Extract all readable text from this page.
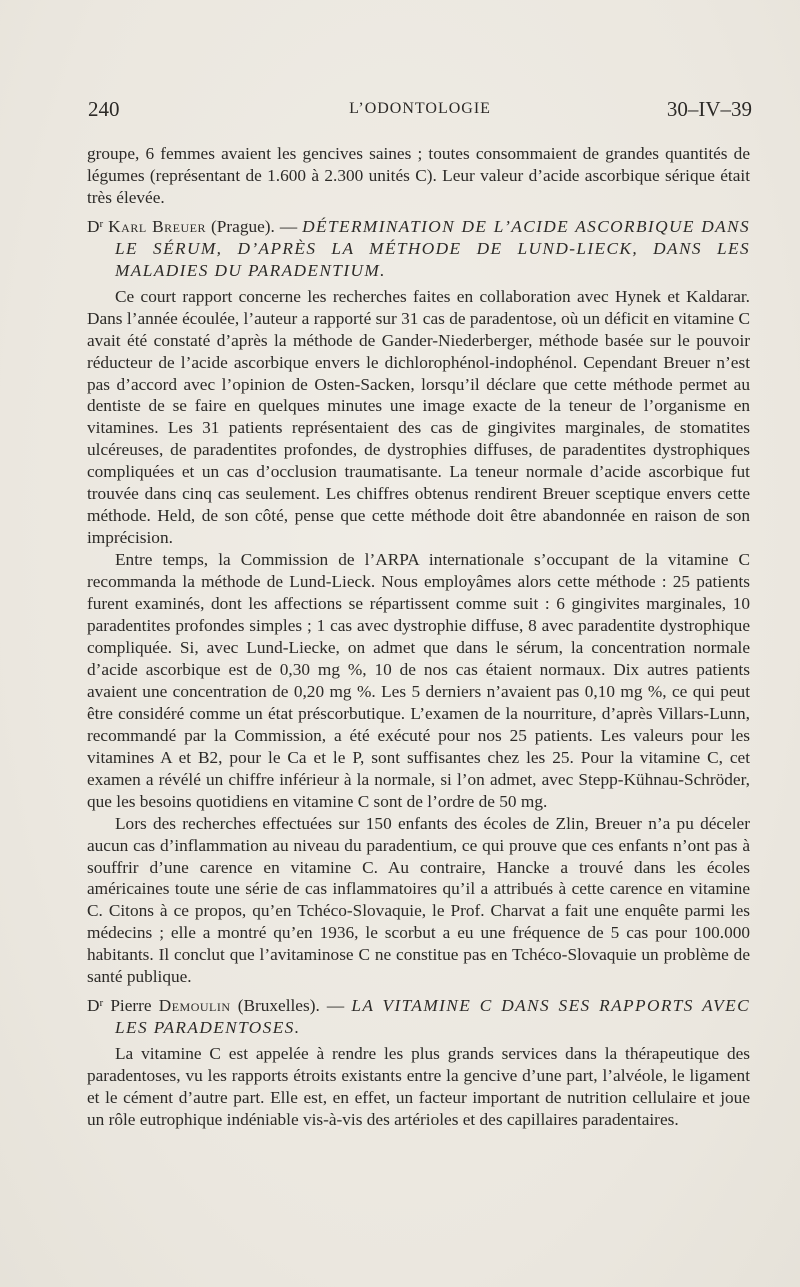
240	L’ODONTOLOGIE	30–IV–39

groupe, 6 femmes avaient les gencives saines ; toutes consommaient de grandes quantités de légumes (représentant de 1.600 à 2.300 unités C). Leur valeur d’acide ascorbique sérique était très élevée.

$D^r$ Karl Breuer (Prague). — DÉTERMINATION DE L’ACIDE ASCORBIQUE DANS LE SÉRUM, D’APRÈS LA MÉTHODE DE LUND-LIECK, DANS LES MALADIES DU PARADENTIUM.

Ce court rapport concerne les recherches faites en collaboration avec Hynek et Kaldarar. Dans l’année écoulée, l’auteur a rapporté sur 31 cas de paradentose, où un déficit en vitamine C avait été constaté d’après la méthode de Gander-Niederberger, méthode basée sur le pouvoir réducteur de l’acide ascorbique envers le dichlorophénol-indophénol. Cependant Breuer n’est pas d’accord avec l’opinion de Osten-Sacken, lorsqu’il déclare que cette méthode permet au dentiste de se faire en quelques minutes une image exacte de la teneur de l’organisme en vitamines. Les 31 patients représentaient des cas de gingivites marginales, de stomatites ulcéreuses, de paradentites profondes, de dystrophies diffuses, de paradentites dystrophiques compliquées et un cas d’occlusion traumatisante. La teneur normale d’acide ascorbique fut trouvée dans cinq cas seulement. Les chiffres obtenus rendirent Breuer sceptique envers cette méthode. Held, de son côté, pense que cette méthode doit être abandonnée en raison de son imprécision.

Entre temps, la Commission de l’ARPA internationale s’occupant de la vitamine C recommanda la méthode de Lund-Lieck. Nous employâmes alors cette méthode : 25 patients furent examinés, dont les affections se répartissent comme suit : 6 gingivites marginales, 10 paradentites profondes simples ; 1 cas avec dystrophie diffuse, 8 avec paradentite dystrophique compliquée. Si, avec Lund-Liecke, on admet que dans le sérum, la concentration normale d’acide ascorbique est de 0,30 mg %, 10 de nos cas étaient normaux. Dix autres patients avaient une concentration de 0,20 mg %. Les 5 derniers n’avaient pas 0,10 mg %, ce qui peut être considéré comme un état préscorbutique. L’examen de la nourriture, d’après Villars-Lunn, recommandé par la Commission, a été exécuté pour nos 25 patients. Les valeurs pour les vitamines A et B2, pour le Ca et le P, sont suffisantes chez les 25. Pour la vitamine C, cet examen a révélé un chiffre inférieur à la normale, si l’on admet, avec Stepp-Kühnau-Schröder, que les besoins quotidiens en vitamine C sont de l’ordre de 50 mg.

Lors des recherches effectuées sur 150 enfants des écoles de Zlin, Breuer n’a pu déceler aucun cas d’inflammation au niveau du paradentium, ce qui prouve que ces enfants n’ont pas à souffrir d’une carence en vitamine C. Au contraire, Hancke a trouvé dans les écoles américaines toute une série de cas inflammatoires qu’il a attribués à cette carence en vitamine C. Citons à ce propos, qu’en Tchéco-Slovaquie, le Prof. Charvat a fait une enquête parmi les médecins ; elle a montré qu’en 1936, le scorbut a eu une fréquence de 5 cas pour 100.000 habitants. Il conclut que l’avitaminose C ne constitue pas en Tchéco-Slovaquie un problème de santé publique.

$D^r$ Pierre Demoulin (Bruxelles). — LA VITAMINE C DANS SES RAPPORTS AVEC LES PARADENTOSES.

La vitamine C est appelée à rendre les plus grands services dans la thérapeutique des paradentoses, vu les rapports étroits existants entre la gencive d’une part, l’alvéole, le ligament et le cément d’autre part. Elle est, en effet, un facteur important de nutrition cellulaire et joue un rôle eutrophique indéniable vis-à-vis des artérioles et des capillaires paradentaires.
